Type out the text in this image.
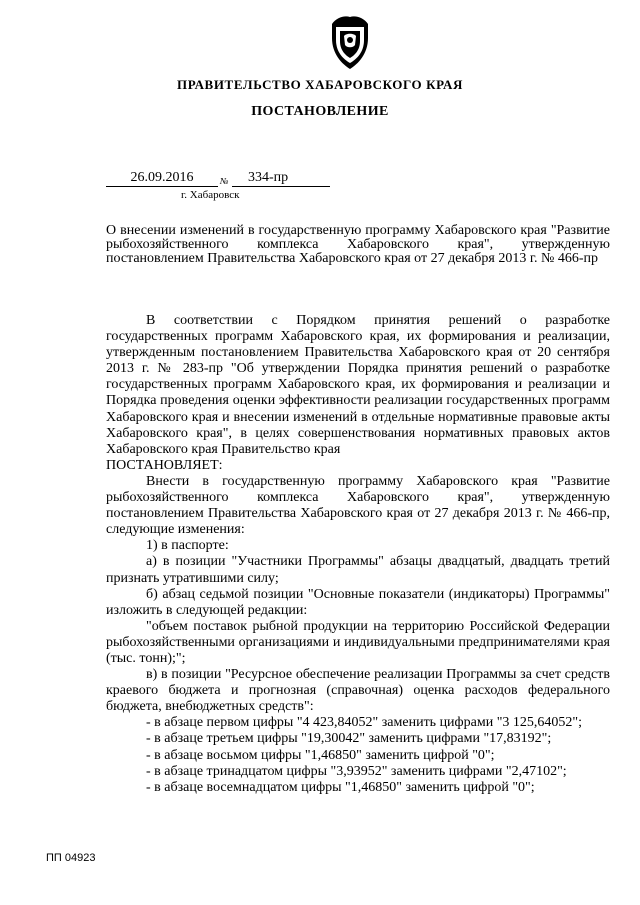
ПРАВИТЕЛЬСТВО ХАБАРОВСКОГО КРАЯ
ПОСТАНОВЛЕНИЕ
26.09.2016	№	334-пр
г. Хабаровск
О внесении изменений в государственную программу Хабаровского края "Развитие рыбохозяйственного комплекса Хабаровского края", утвержденную постановлением Правительства Хабаровского края от 27 декабря 2013 г. № 466-пр

В соответствии с Порядком принятия решений о разработке государственных программ Хабаровского края, их формирования и реализации, утвержденным постановлением Правительства Хабаровского края от 20 сентября 2013 г. № 283-пр "Об утверждении Порядка принятия решений о разработке государственных программ Хабаровского края, их формирования и реализации и Порядка проведения оценки эффективности реализации государственных программ Хабаровского края и внесении изменений в отдельные нормативные правовые акты Хабаровского края", в целях совершенствования нормативных правовых актов Хабаровского края Правительство края

ПОСТАНОВЛЯЕТ:

Внести в государственную программу Хабаровского края "Развитие рыбохозяйственного комплекса Хабаровского края", утвержденную постановлением Правительства Хабаровского края от 27 декабря 2013 г. № 466-пр, следующие изменения:

1) в паспорте:

а) в позиции "Участники Программы" абзацы двадцатый, двадцать третий признать утратившими силу;

б) абзац седьмой позиции "Основные показатели (индикаторы) Программы" изложить в следующей редакции:

"объем поставок рыбной продукции на территорию Российской Федерации рыбохозяйственными организациями и индивидуальными предпринимателями края (тыс. тонн);";

в) в позиции "Ресурсное обеспечение реализации Программы за счет средств краевого бюджета и прогнозная (справочная) оценка расходов федерального бюджета, внебюджетных средств":

- в абзаце первом цифры "4 423,84052" заменить цифрами "3 125,64052";

- в абзаце третьем цифры "19,30042" заменить цифрами "17,83192";

- в абзаце восьмом цифры "1,46850" заменить цифрой "0";

- в абзаце тринадцатом цифры "3,93952" заменить цифрами "2,47102";

- в абзаце восемнадцатом цифры "1,46850" заменить цифрой "0";

ПП 04923
